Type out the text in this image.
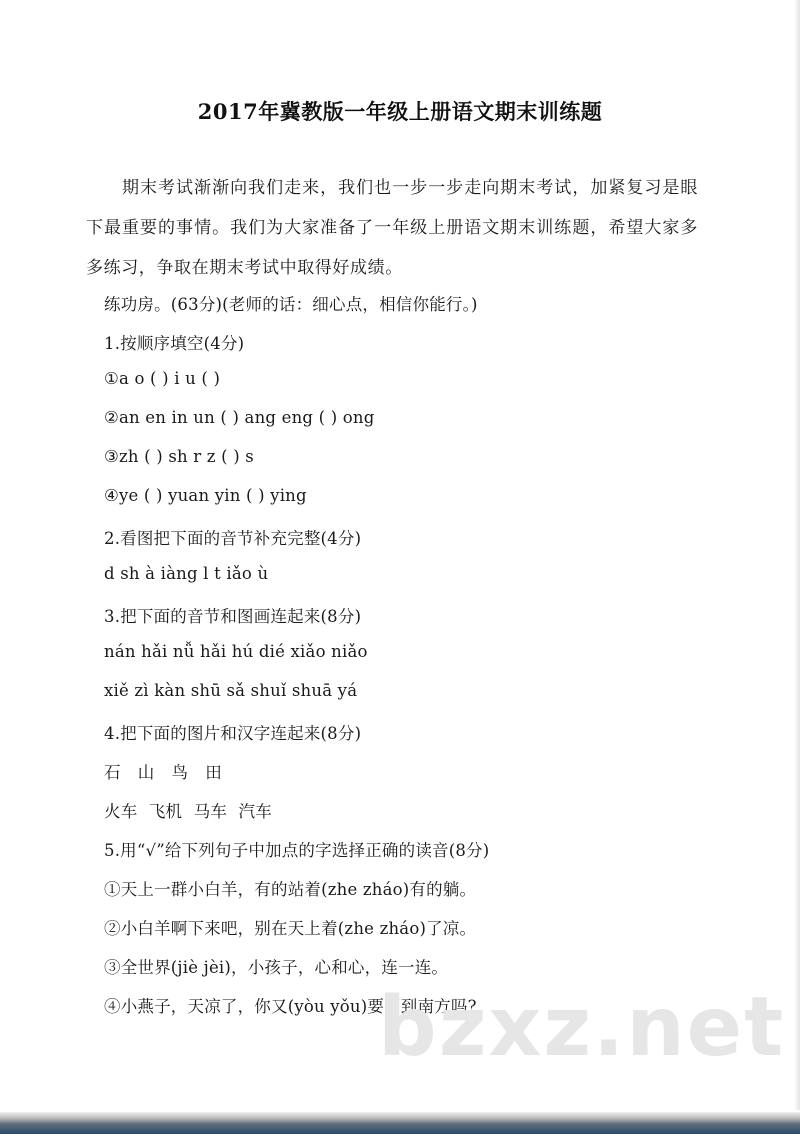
2017年冀教版一年级上册语文期末训练题

期末考试渐渐向我们走来，我们也一步一步走向期末考试，加紧复习是眼下最重要的事情。我们为大家准备了一年级上册语文期末训练题，希望大家多多练习，争取在期末考试中取得好成绩。

练功房。(63分)(老师的话：细心点，相信你能行。)
1.按顺序填空(4分)
①a o ( ) i u ( )
②an en in un ( ) ang eng ( ) ong
③zh ( ) sh r z ( ) s
④ye ( ) yuan yin ( ) ying
2.看图把下面的音节补充完整(4分)
d sh à iàng l t iǎo ù
3.把下面的音节和图画连起来(8分)
nán hǎi nǚ hǎi hú dié xiǎo niǎo
xiě zì kàn shū sǎ shuǐ shuā yá
4.把下面的图片和汉字连起来(8分)
石 山 鸟 田
火车 飞机 马车 汽车
5.用“√”给下列句子中加点的字选择正确的读音(8分)
①天上一群小白羊，有的站着(zhe zháo)有的躺。
②小白羊啊下来吧，别在天上着(zhe zháo)了凉。
③全世界(jiè jèi)，小孩子，心和心，连一连。
④小燕子，天凉了，你又(yòu yǒu)要回到南方吗?
bzxz.net
